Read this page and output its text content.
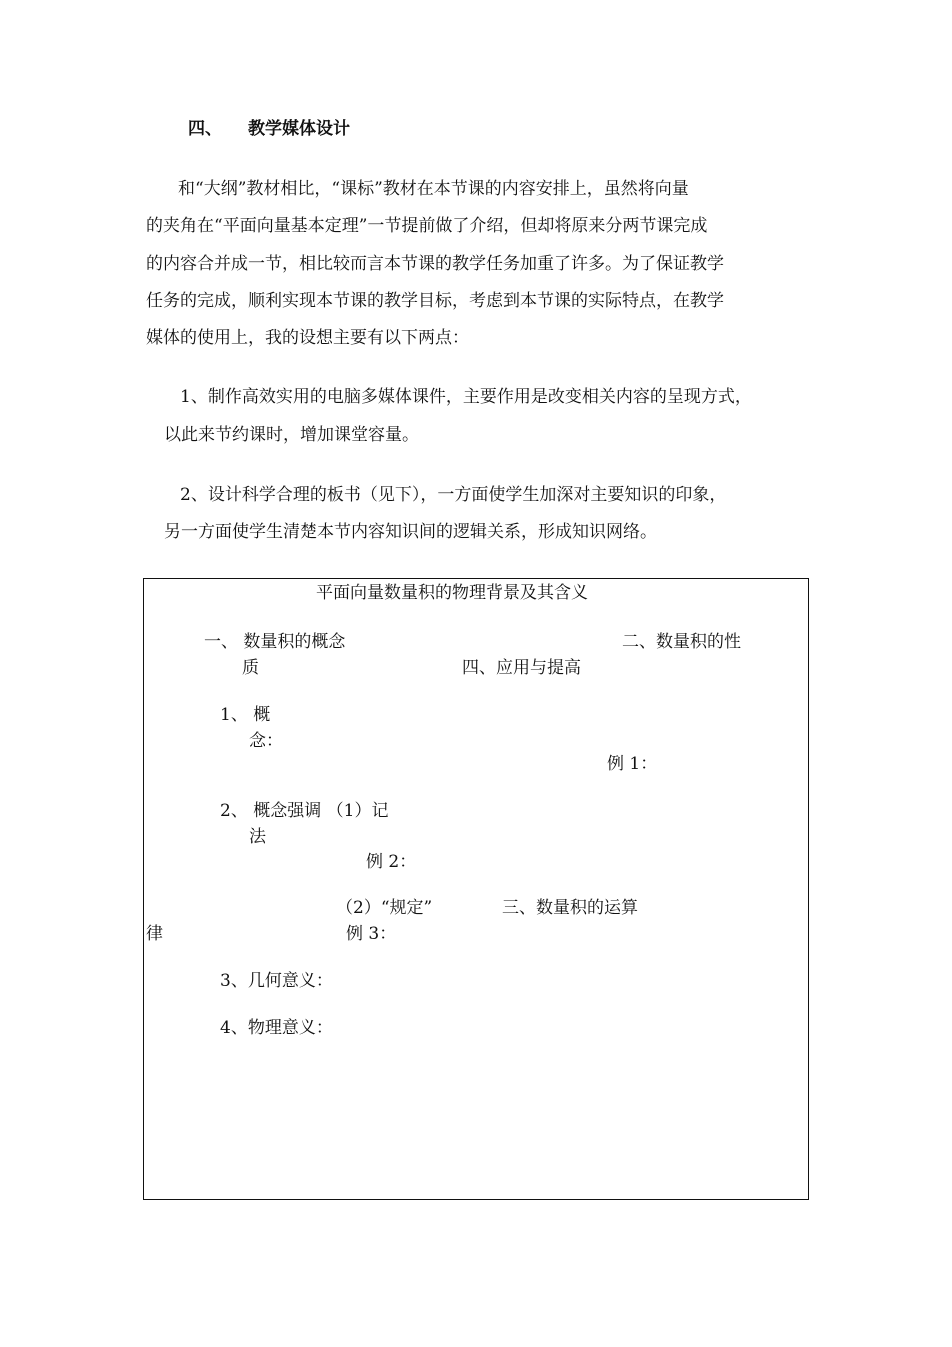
四、 教学媒体设计
和“大纲”教材相比，“课标”教材在本节课的内容安排上，虽然将向量
的夹角在“平面向量基本定理”一节提前做了介绍，但却将原来分两节课完成
的内容合并成一节，相比较而言本节课的教学任务加重了许多。为了保证教学
任务的完成，顺利实现本节课的教学目标，考虑到本节课的实际特点，在教学
媒体的使用上，我的设想主要有以下两点：
1、制作高效实用的电脑多媒体课件，主要作用是改变相关内容的呈现方式，
以此来节约课时，增加课堂容量。
2、设计科学合理的板书（见下），一方面使学生加深对主要知识的印象，
另一方面使学生清楚本节内容知识间的逻辑关系，形成知识网络。
平面向量数量积的物理背景及其含义
一、 数量积的概念	二、数量积的性
质	四、应用与提高
1、 概
念：
例 1：
2、 概念强调 （1）记
法
例 2：
（2）“规定”	三、数量积的运算
律	例 3：
3、几何意义：
4、物理意义：
